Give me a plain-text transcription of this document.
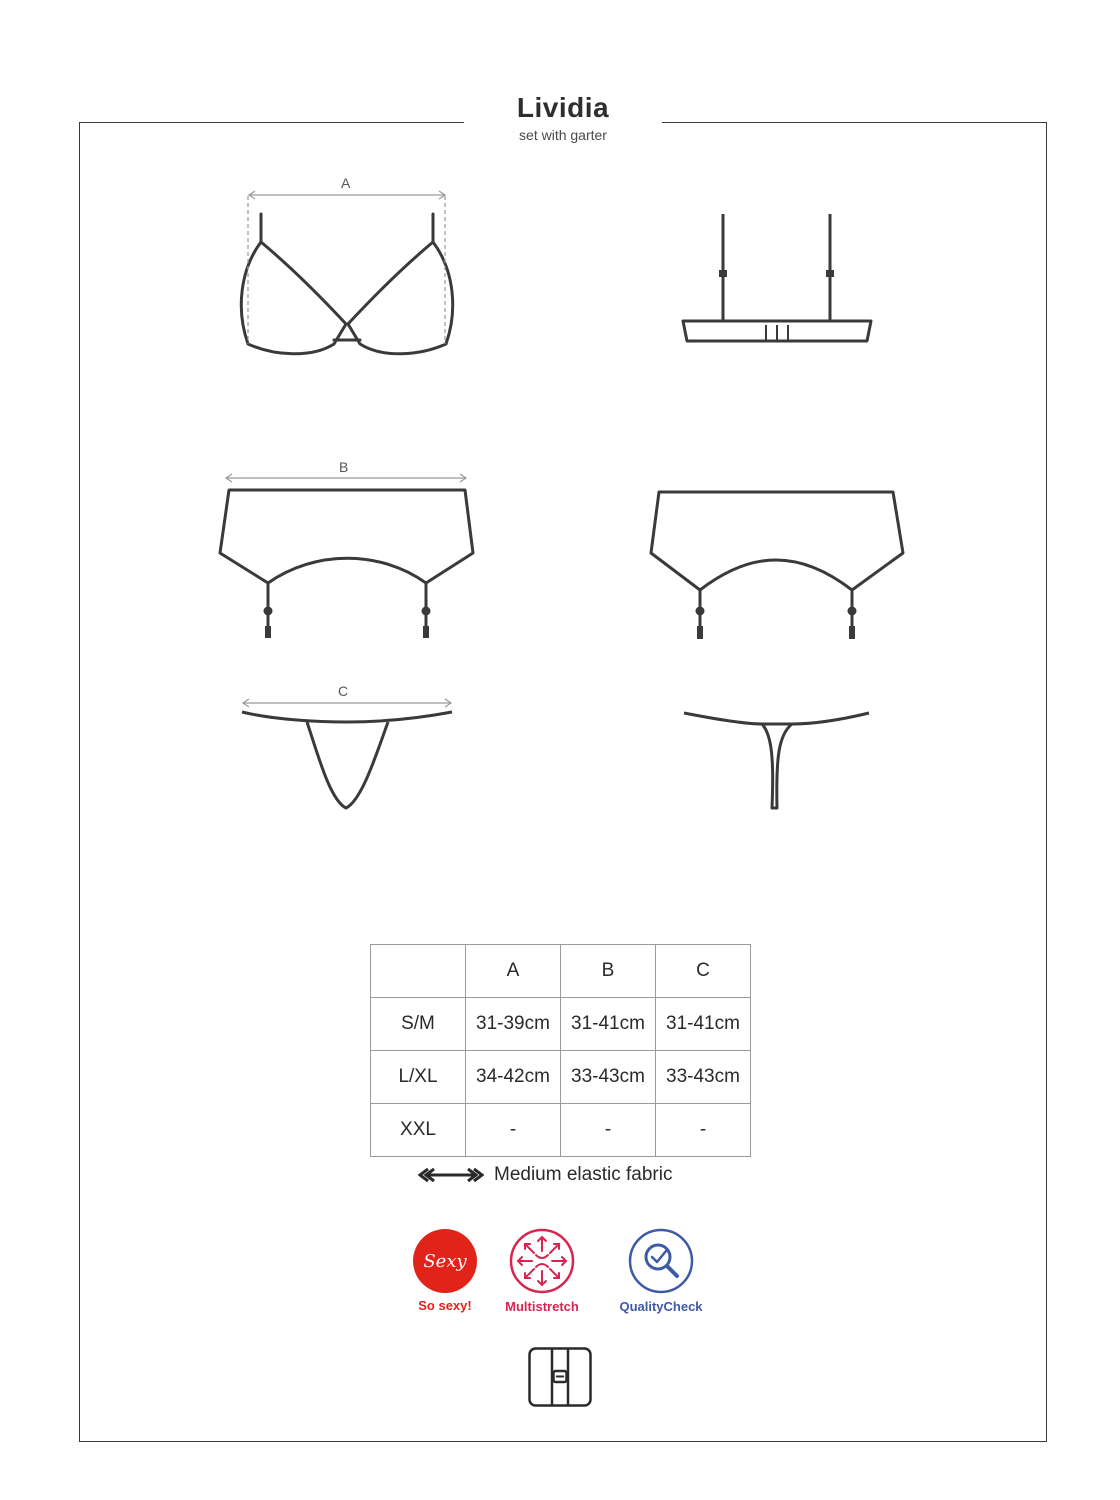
Lividia
set with garter
A
B
C
	A	B	C
S/M	31-39cm	31-41cm	31-41cm
L/XL	34-42cm	33-43cm	33-43cm
XXL	-	-	-
Medium elastic fabric
Sexy
So sexy!	Multistretch	QualityCheck
